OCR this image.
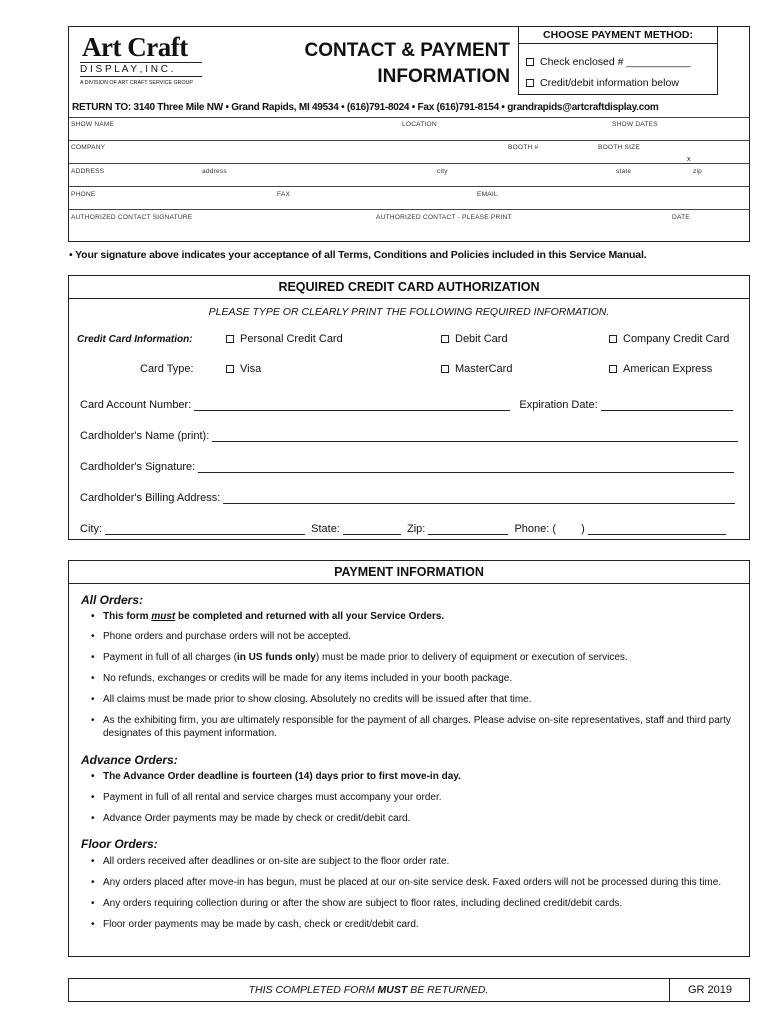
Art Craft
D I S P L A Y , I N C .
A DIVISION OF ART CRAFT SERVICE GROUP
CONTACT & PAYMENT
INFORMATION
CHOOSE PAYMENT METHOD:
Check enclosed # ___________
Credit/debit information below
RETURN TO: 3140 Three Mile NW • Grand Rapids, MI 49534 • (616)791-8024 • Fax (616)791-8154 • grandrapids@artcraftdisplay.com
SHOW NAME	LOCATION	SHOW DATES
COMPANY	BOOTH #	BOOTH SIZE
x
ADDRESS	address	city	state	zip
PHONE	FAX	EMAIL
AUTHORIZED CONTACT SIGNATURE	AUTHORIZED CONTACT - PLEASE PRINT	DATE
• Your signature above indicates your acceptance of all Terms, Conditions and Policies included in this Service Manual.
REQUIRED CREDIT CARD AUTHORIZATION
PLEASE TYPE OR CLEARLY PRINT THE FOLLOWING REQUIRED INFORMATION.
Credit Card Information:	Personal Credit Card	Debit Card	Company Credit Card
Card Type:	Visa	MasterCard	American Express
Card Account Number:	Expiration Date:
Cardholder's Name (print):
Cardholder's Signature:
Cardholder's Billing Address:
City:	State:	Zip:	Phone: ( )
PAYMENT INFORMATION
All Orders:
• This form must be completed and returned with all your Service Orders.
• Phone orders and purchase orders will not be accepted.
• Payment in full of all charges (in US funds only) must be made prior to delivery of equipment or execution of services.
• No refunds, exchanges or credits will be made for any items included in your booth package.
• All claims must be made prior to show closing. Absolutely no credits will be issued after that time.
• As the exhibiting firm, you are ultimately responsible for the payment of all charges. Please advise on-site representatives, staff and third party designates of this payment information.
Advance Orders:
• The Advance Order deadline is fourteen (14) days prior to first move-in day.
• Payment in full of all rental and service charges must accompany your order.
• Advance Order payments may be made by check or credit/debit card.
Floor Orders:
• All orders received after deadlines or on-site are subject to the floor order rate.
• Any orders placed after move-in has begun, must be placed at our on-site service desk. Faxed orders will not be processed during this time.
• Any orders requiring collection during or after the show are subject to floor rates, including declined credit/debit cards.
• Floor order payments may be made by cash, check or credit/debit card.
THIS COMPLETED FORM MUST BE RETURNED.	GR 2019
